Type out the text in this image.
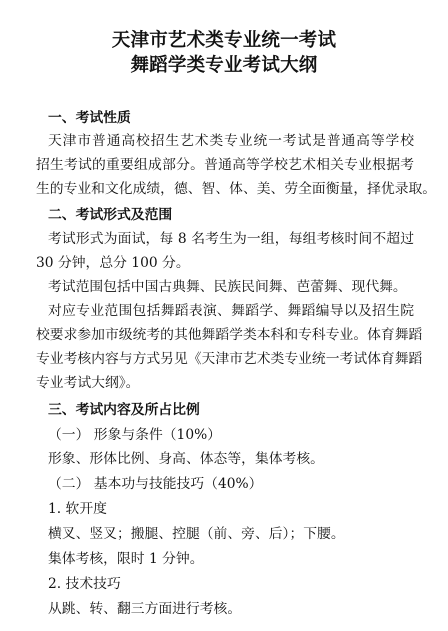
天津市艺术类专业统一考试
舞蹈学类专业考试大纲
一、考试性质
天津市普通高校招生艺术类专业统一考试是普通高等学校
招生考试的重要组成部分。普通高等学校艺术相关专业根据考
生的专业和文化成绩，德、智、体、美、劳全面衡量，择优录取。
二、考试形式及范围
考试形式为面试，每 8 名考生为一组，每组考核时间不超过
30 分钟，总分 100 分。
考试范围包括中国古典舞、民族民间舞、芭蕾舞、现代舞。
对应专业范围包括舞蹈表演、舞蹈学、舞蹈编导以及招生院
校要求参加市级统考的其他舞蹈学类本科和专科专业。体育舞蹈
专业考核内容与方式另见《天津市艺术类专业统一考试体育舞蹈
专业考试大纲》。
三、考试内容及所占比例
（一） 形象与条件（10%）
形象、形体比例、身高、体态等，集体考核。
（二） 基本功与技能技巧（40%）
1. 软开度
横叉、竖叉；搬腿、控腿（前、旁、后）；下腰。
集体考核，限时 1 分钟。
2. 技术技巧
从跳、转、翻三方面进行考核。
